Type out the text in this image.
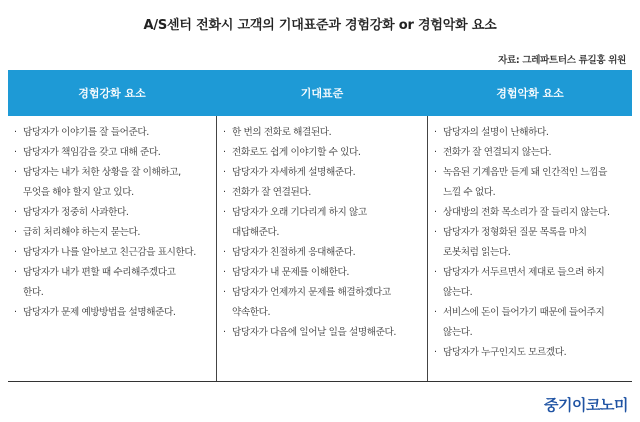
A/S센터 전화시 고객의 기대표준과 경험강화 or 경험악화 요소
자료: 그레파트터스 류길홍 위원
경험강화 요소	기대표준	경험악화 요소
· 담당자가 이야기를 잘 들어준다.
· 담당자가 책임감을 갖고 대해 준다.
· 담당자는 내가 처한 상황을 잘 이해하고,
무엇을 해야 할지 알고 있다.
· 담당자가 정중히 사과한다.
· 급히 처리해야 하는지 묻는다.
· 담당자가 나를 알아보고 친근감을 표시한다.
· 담당자가 내가 편할 때 수리해주겠다고
한다.
· 담당자가 문제 예방방법을 설명해준다.
· 한 번의 전화로 해결된다.
· 전화로도 쉽게 이야기할 수 있다.
· 담당자가 자세하게 설명해준다.
· 전화가 잘 연결된다.
· 담당자가 오래 기다리게 하지 않고
대답해준다.
· 담당자가 친절하게 응대해준다.
· 담당자가 내 문제를 이해한다.
· 담당자가 언제까지 문제를 해결하겠다고
약속한다.
· 담당자가 다음에 일어날 일을 설명해준다.
· 담당자의 설명이 난해하다.
· 전화가 잘 연결되지 않는다.
· 녹음된 기계음만 듣게 돼 인간적인 느낌을
느낄 수 없다.
· 상대방의 전화 목소리가 잘 들리지 않는다.
· 담당자가 정형화된 질문 목록을 마치
로봇처럼 읽는다.
· 담당자가 서두르면서 제대로 들으려 하지
않는다.
· 서비스에 돈이 들어가기 때문에 들어주지
않는다.
· 담당자가 누구인지도 모르겠다.
중기이코노미
